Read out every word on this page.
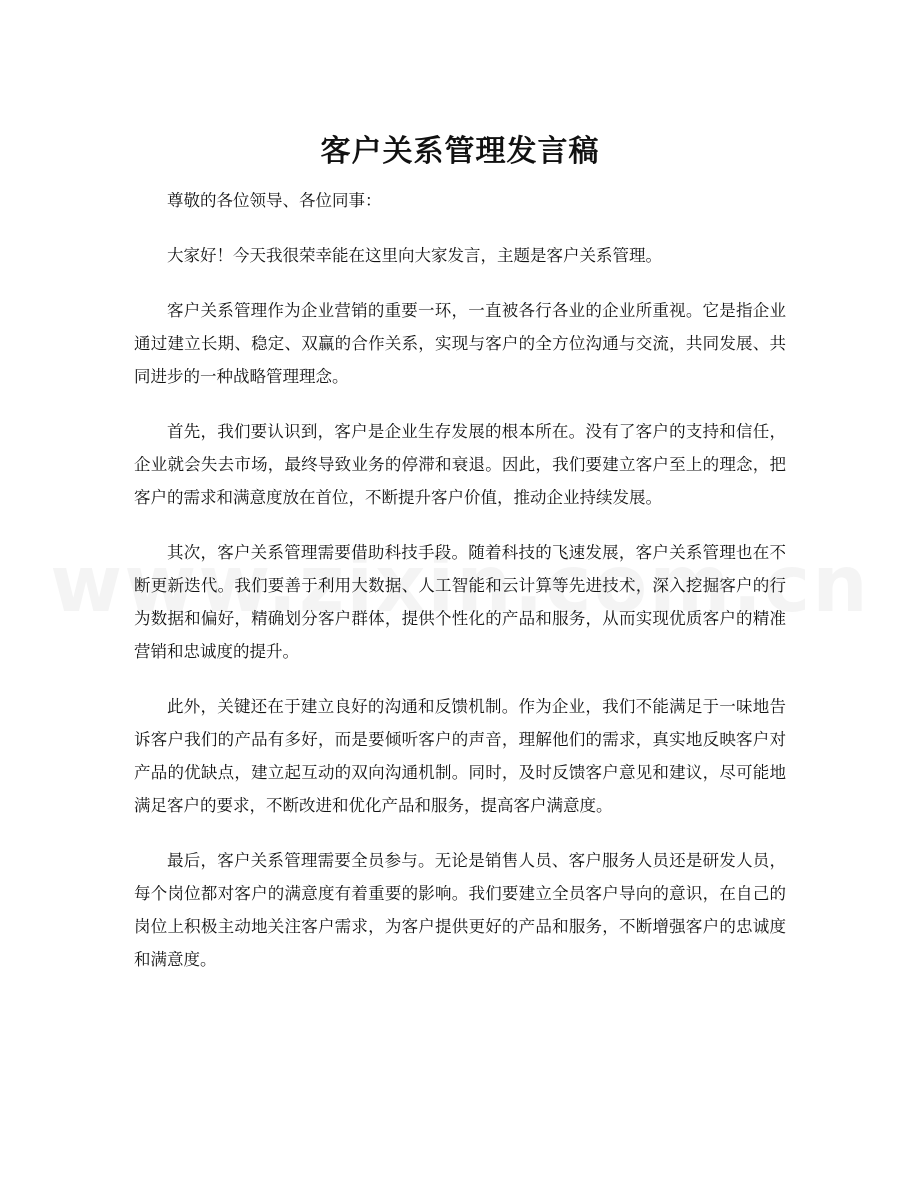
客户关系管理发言稿

尊敬的各位领导、各位同事：

大家好！今天我很荣幸能在这里向大家发言，主题是客户关系管理。

客户关系管理作为企业营销的重要一环，一直被各行各业的企业所重视。它是指企业通过建立长期、稳定、双赢的合作关系，实现与客户的全方位沟通与交流，共同发展、共同进步的一种战略管理理念。

首先，我们要认识到，客户是企业生存发展的根本所在。没有了客户的支持和信任，企业就会失去市场，最终导致业务的停滞和衰退。因此，我们要建立客户至上的理念，把客户的需求和满意度放在首位，不断提升客户价值，推动企业持续发展。

其次，客户关系管理需要借助科技手段。随着科技的飞速发展，客户关系管理也在不断更新迭代。我们要善于利用大数据、人工智能和云计算等先进技术，深入挖掘客户的行为数据和偏好，精确划分客户群体，提供个性化的产品和服务，从而实现优质客户的精准营销和忠诚度的提升。

此外，关键还在于建立良好的沟通和反馈机制。作为企业，我们不能满足于一味地告诉客户我们的产品有多好，而是要倾听客户的声音，理解他们的需求，真实地反映客户对产品的优缺点，建立起互动的双向沟通机制。同时，及时反馈客户意见和建议，尽可能地满足客户的要求，不断改进和优化产品和服务，提高客户满意度。

最后，客户关系管理需要全员参与。无论是销售人员、客户服务人员还是研发人员，每个岗位都对客户的满意度有着重要的影响。我们要建立全员客户导向的意识，在自己的岗位上积极主动地关注客户需求，为客户提供更好的产品和服务，不断增强客户的忠诚度和满意度。
